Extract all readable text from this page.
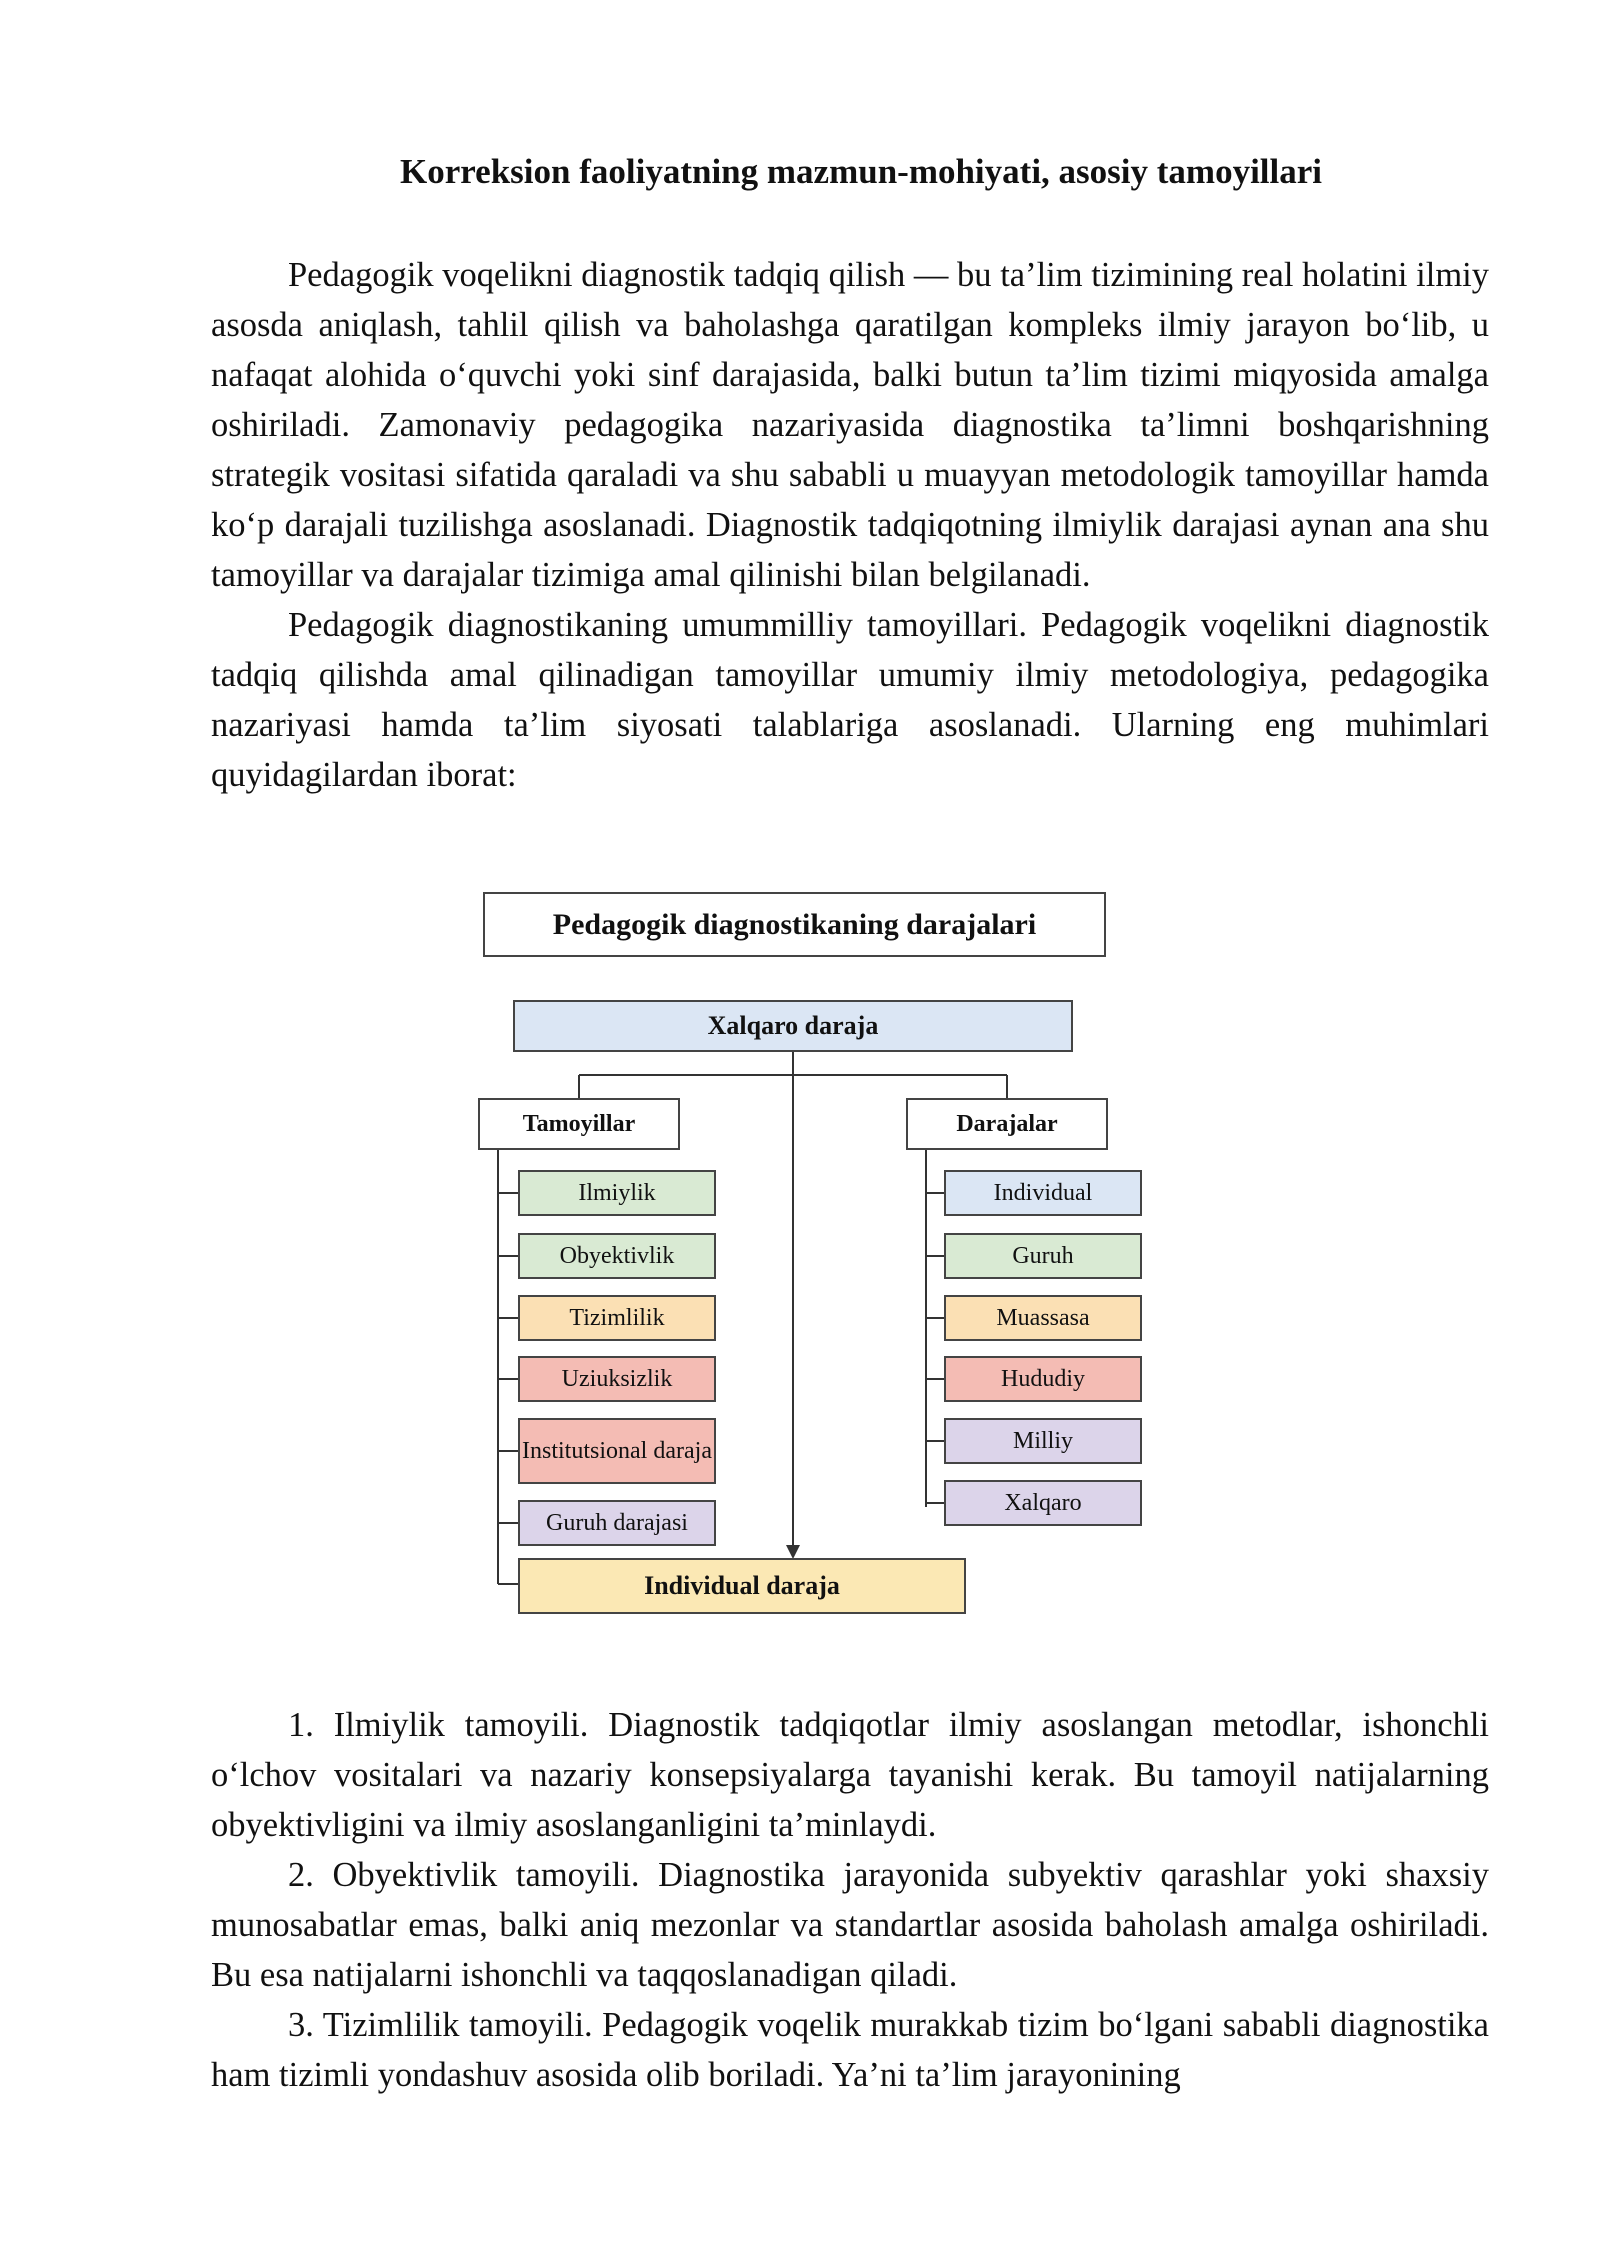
Korreksion faoliyatning mazmun-mohiyati, asosiy tamoyillari

Pedagogik voqelikni diagnostik tadqiq qilish — bu ta’lim tizimining real holatini ilmiy asosda aniqlash, tahlil qilish va baholashga qaratilgan kompleks ilmiy jarayon bo‘lib, u nafaqat alohida o‘quvchi yoki sinf darajasida, balki butun ta’lim tizimi miqyosida amalga oshiriladi. Zamonaviy pedagogika nazariyasida diagnostika ta’limni boshqarishning strategik vositasi sifatida qaraladi va shu sababli u muayyan metodologik tamoyillar hamda ko‘p darajali tuzilishga asoslanadi. Diagnostik tadqiqotning ilmiylik darajasi aynan ana shu tamoyillar va darajalar tizimiga amal qilinishi bilan belgilanadi.

Pedagogik diagnostikaning umummilliy tamoyillari. Pedagogik voqelikni diagnostik tadqiq qilishda amal qilinadigan tamoyillar umumiy ilmiy metodologiya, pedagogika nazariyasi hamda ta’lim siyosati talablariga asoslanadi. Ularning eng muhimlari quyidagilardan iborat:

Pedagogik diagnostikaning darajalari
Xalqaro daraja
Tamoyillar	Darajalar
Ilmiylik
Obyektivlik
Tizimlilik
Uziuksizlik
Institutsional daraja
Guruh darajasi
Individual
Guruh
Muassasa
Hududiy
Milliy
Xalqaro
Individual daraja

1. Ilmiylik tamoyili. Diagnostik tadqiqotlar ilmiy asoslangan metodlar, ishonchli o‘lchov vositalari va nazariy konsepsiyalarga tayanishi kerak. Bu tamoyil natijalarning obyektivligini va ilmiy asoslanganligini ta’minlaydi.

2. Obyektivlik tamoyili. Diagnostika jarayonida subyektiv qarashlar yoki shaxsiy munosabatlar emas, balki aniq mezonlar va standartlar asosida baholash amalga oshiriladi. Bu esa natijalarni ishonchli va taqqoslanadigan qiladi.

3. Tizimlilik tamoyili. Pedagogik voqelik murakkab tizim bo‘lgani sababli diagnostika ham tizimli yondashuv asosida olib boriladi. Ya’ni ta’lim jarayonining
